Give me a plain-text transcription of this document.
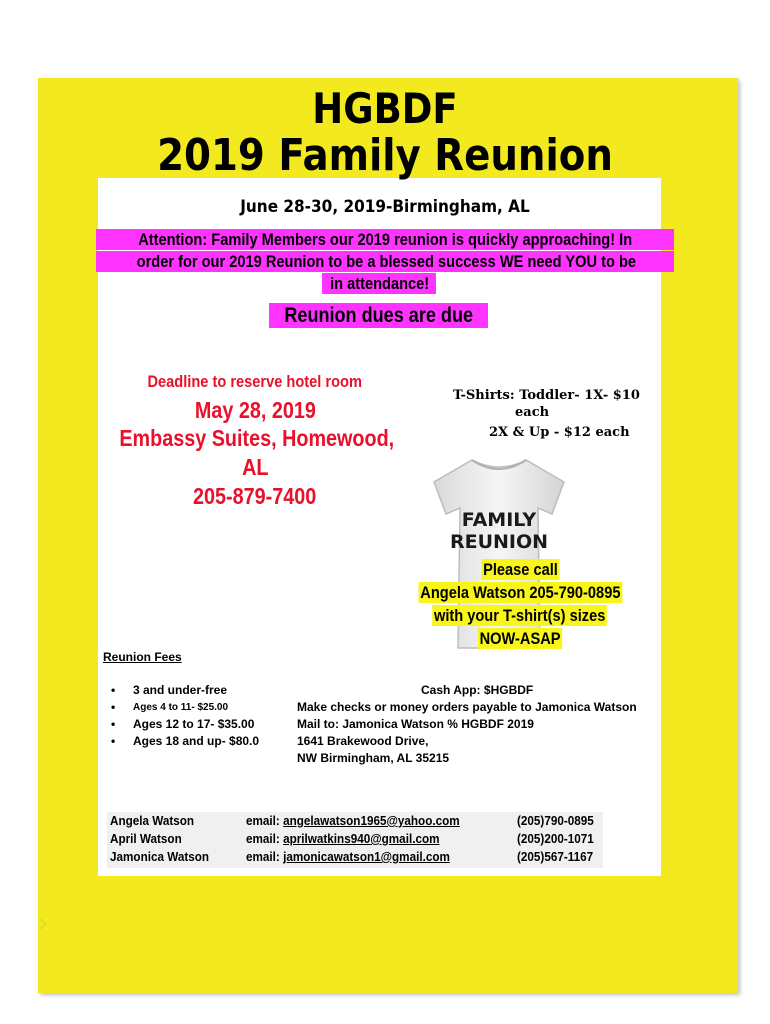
HGBDF
2019 Family Reunion
June 28-30, 2019-Birmingham, AL
Attention: Family Members our 2019 reunion is quickly approaching! In
order for our 2019 Reunion to be a blessed success WE need YOU to be
in attendance!
Reunion dues are due
Deadline to reserve hotel room
May 28, 2019
Embassy Suites, Homewood,
AL
205-879-7400
T-Shirts: Toddler- 1X- $10
each
2X & Up - $12 each
FAMILY
REUNION
Please call
Angela Watson 205-790-0895
with your T-shirt(s) sizes
NOW-ASAP
Reunion Fees
• 3 and under-free
• Ages 4 to 11- $25.00
• Ages 12 to 17- $35.00
• Ages 18 and up- $80.0
Cash App: $HGBDF
Make checks or money orders payable to Jamonica Watson
Mail to: Jamonica Watson % HGBDF 2019
1641 Brakewood Drive,
NW Birmingham, AL 35215
Angela Watson	email: angelawatson1965@yahoo.com	(205)790-0895
April Watson	email: aprilwatkins940@gmail.com	(205)200-1071
Jamonica Watson	email: jamonicawatson1@gmail.com	(205)567-1167
